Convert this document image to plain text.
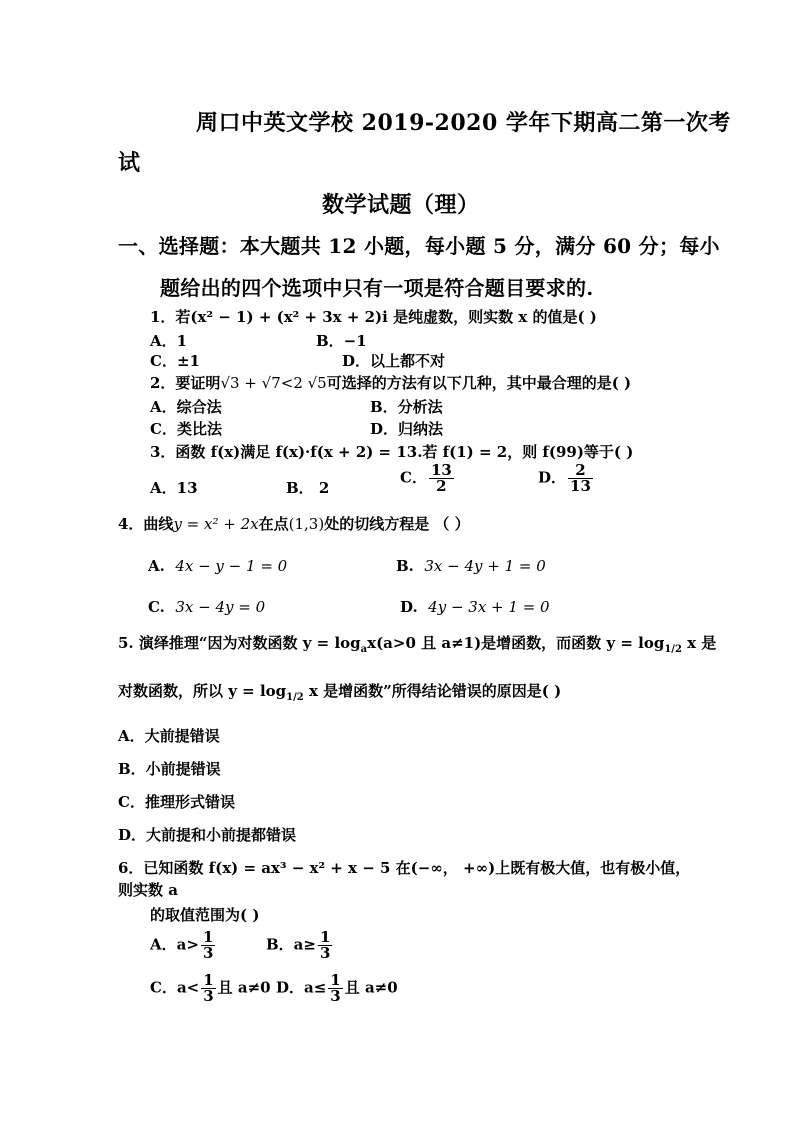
周口中英文学校 2019-2020 学年下期高二第一次考
试
数学试题（理）
一、选择题：本大题共 12 小题，每小题 5 分，满分 60 分；每小
题给出的四个选项中只有一项是符合题目要求的.
1．若(x² − 1) + (x² + 3x + 2)i 是纯虚数，则实数 x 的值是( )
A．1	B．−1
C．±1	D．以上都不对
2．要证明√3 + √7<2 √5可选择的方法有以下几种，其中最合理的是( )
A．综合法	B．分析法
C．类比法	D．归纳法
3．函数 f(x)满足 f(x)·f(x + 2) = 13.若 f(1) = 2，则 f(99)等于( )
A．13	B． 2
C． $\frac{13}{2}$	D． $\frac{2}{13}$
4．曲线y = x² + 2x在点(1,3)处的切线方程是 （ ）
A. 4x − y − 1 = 0	B. 3x − 4y + 1 = 0
C. 3x − 4y = 0	D. 4y − 3x + 1 = 0
5. 演绎推理“因为对数函数 $y = \log_ax(a>0$ 且 a≠1)是增函数，而函数 $y = \log_{1/2} x$ 是
对数函数，所以 $y = \log_{1/2} x$ 是增函数”所得结论错误的原因是( )
A．大前提错误
B．小前提错误
C．推理形式错误
D．大前提和小前提都错误
6．已知函数 f(x) = ax³ − x² + x − 5 在(−∞， +∞)上既有极大值，也有极小值，
则实数 a
的取值范围为( )
A．$a> \frac{1}{3}$	B．$a\ge \frac{1}{3}$
C．$a< \frac{1}{3}$ 且 a≠0 D．$a\le \frac{1}{3}$ 且 a≠0
